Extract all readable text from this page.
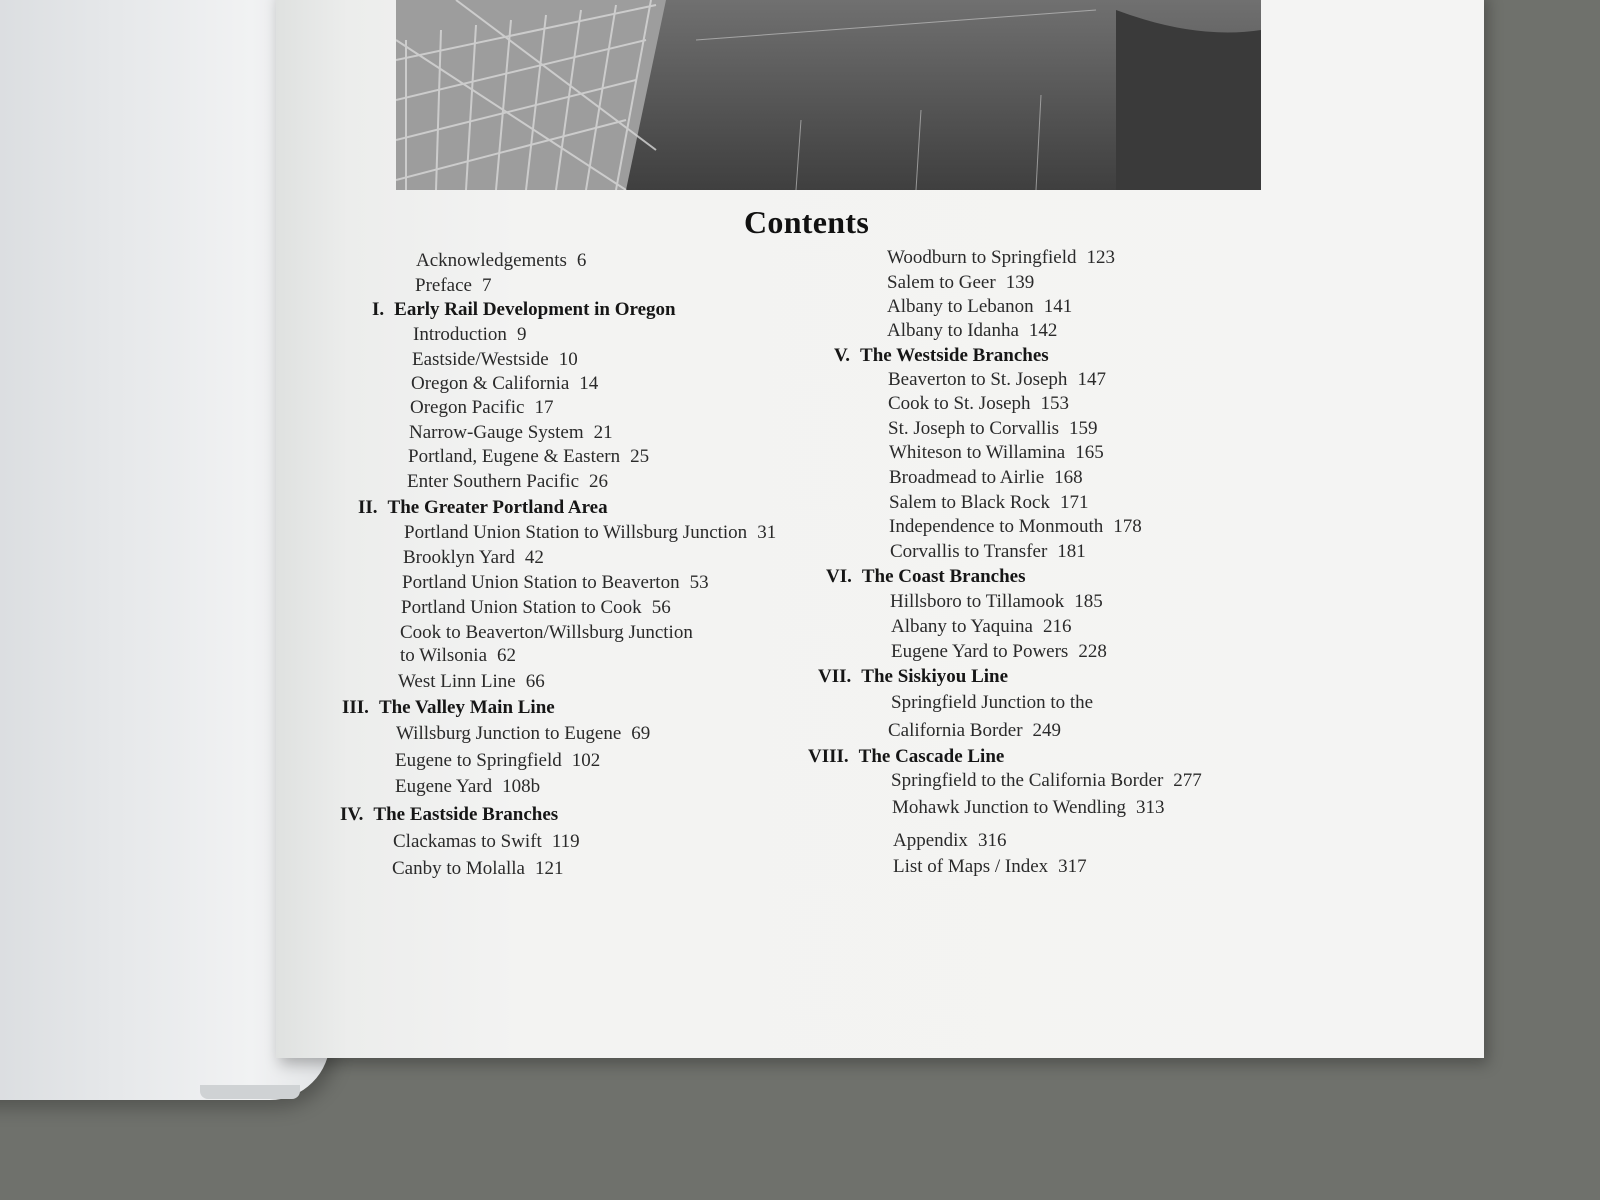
Contents
Acknowledgements 6
Preface 7
I. Early Rail Development in Oregon
Introduction 9
Eastside/Westside 10
Oregon & California 14
Oregon Pacific 17
Narrow-Gauge System 21
Portland, Eugene & Eastern 25
Enter Southern Pacific 26
II. The Greater Portland Area
Portland Union Station to Willsburg Junction 31
Brooklyn Yard 42
Portland Union Station to Beaverton 53
Portland Union Station to Cook 56
Cook to Beaverton/Willsburg Junction
to Wilsonia 62
West Linn Line 66
III. The Valley Main Line
Willsburg Junction to Eugene 69
Eugene to Springfield 102
Eugene Yard 108b
IV. The Eastside Branches
Clackamas to Swift 119
Canby to Molalla 121
Woodburn to Springfield 123
Salem to Geer 139
Albany to Lebanon 141
Albany to Idanha 142
V. The Westside Branches
Beaverton to St. Joseph 147
Cook to St. Joseph 153
St. Joseph to Corvallis 159
Whiteson to Willamina 165
Broadmead to Airlie 168
Salem to Black Rock 171
Independence to Monmouth 178
Corvallis to Transfer 181
VI. The Coast Branches
Hillsboro to Tillamook 185
Albany to Yaquina 216
Eugene Yard to Powers 228
VII. The Siskiyou Line
Springfield Junction to the
California Border 249
VIII. The Cascade Line
Springfield to the California Border 277
Mohawk Junction to Wendling 313
Appendix 316
List of Maps / Index 317
